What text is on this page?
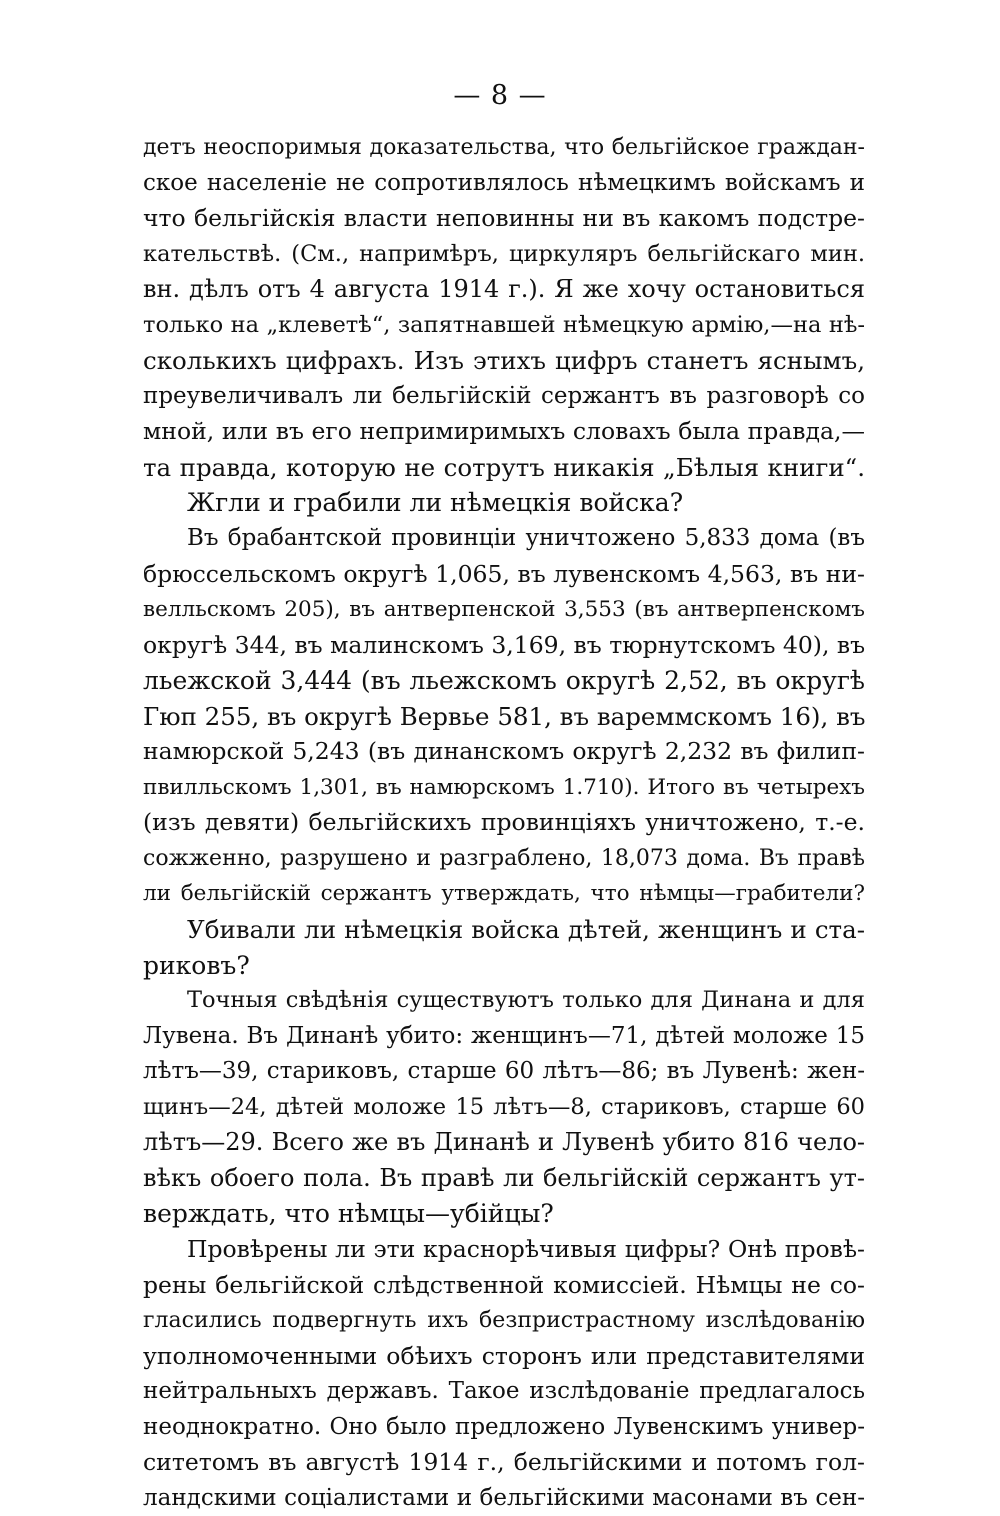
— 8 —
детъ неоспоримыя доказательства, что бельгійское граждан-
ское населеніе не сопротивлялось нѣмецкимъ войскамъ и
что бельгійскія власти неповинны ни въ какомъ подстре-
кательствѣ. (См., напримѣръ, циркуляръ бельгійскаго мин.
вн. дѣлъ отъ 4 августа 1914 г.). Я же хочу остановиться
только на „клеветѣ“, запятнавшей нѣмецкую армію,—на нѣ-
сколькихъ цифрахъ. Изъ этихъ цифръ станетъ яснымъ,
преувеличивалъ ли бельгійскій сержантъ въ разговорѣ со
мной, или въ его непримиримыхъ словахъ была правда,—
та правда, которую не сотрутъ никакія „Бѣлыя книги“.
Жгли и грабили ли нѣмецкія войска?
Въ брабантской провинціи уничтожено 5,833 дома (въ
брюссельскомъ округѣ 1,065, въ лувенскомъ 4,563, въ ни-
велльскомъ 205), въ антверпенской 3,553 (въ антверпенскомъ
округѣ 344, въ малинскомъ 3,169, въ тюрнутскомъ 40), въ
льежской 3,444 (въ льежскомъ округѣ 2,52, въ округѣ
Гюп 255, въ округѣ Вервье 581, въ вареммскомъ 16), въ
намюрской 5,243 (въ динанскомъ округѣ 2,232 въ филип-
пвилльскомъ 1,301, въ намюрскомъ 1.710). Итого въ четырехъ
(изъ девяти) бельгійскихъ провинціяхъ уничтожено, т.-е.
сожженно, разрушено и разграблено, 18,073 дома. Въ правѣ
ли бельгійскій сержантъ утверждать, что нѣмцы—грабители?
Убивали ли нѣмецкія войска дѣтей, женщинъ и ста-
риковъ?
Точныя свѣдѣнія существуютъ только для Динана и для
Лувена. Въ Динанѣ убито: женщинъ—71, дѣтей моложе 15
лѣтъ—39, стариковъ, старше 60 лѣтъ—86; въ Лувенѣ: жен-
щинъ—24, дѣтей моложе 15 лѣтъ—8, стариковъ, старше 60
лѣтъ—29. Всего же въ Динанѣ и Лувенѣ убито 816 чело-
вѣкъ обоего пола. Въ правѣ ли бельгійскій сержантъ ут-
верждать, что нѣмцы—убійцы?
Провѣрены ли эти краснорѣчивыя цифры? Онѣ провѣ-
рены бельгійской слѣдственной комиссіей. Нѣмцы не со-
гласились подвергнуть ихъ безпристрастному изслѣдованію
уполномоченными обѣихъ сторонъ или представителями
нейтральныхъ державъ. Такое изслѣдованіе предлагалось
неоднократно. Оно было предложено Лувенскимъ универ-
ситетомъ въ августѣ 1914 г., бельгійскими и потомъ гол-
ландскими соціалистами и бельгійскими масонами въ сен-
